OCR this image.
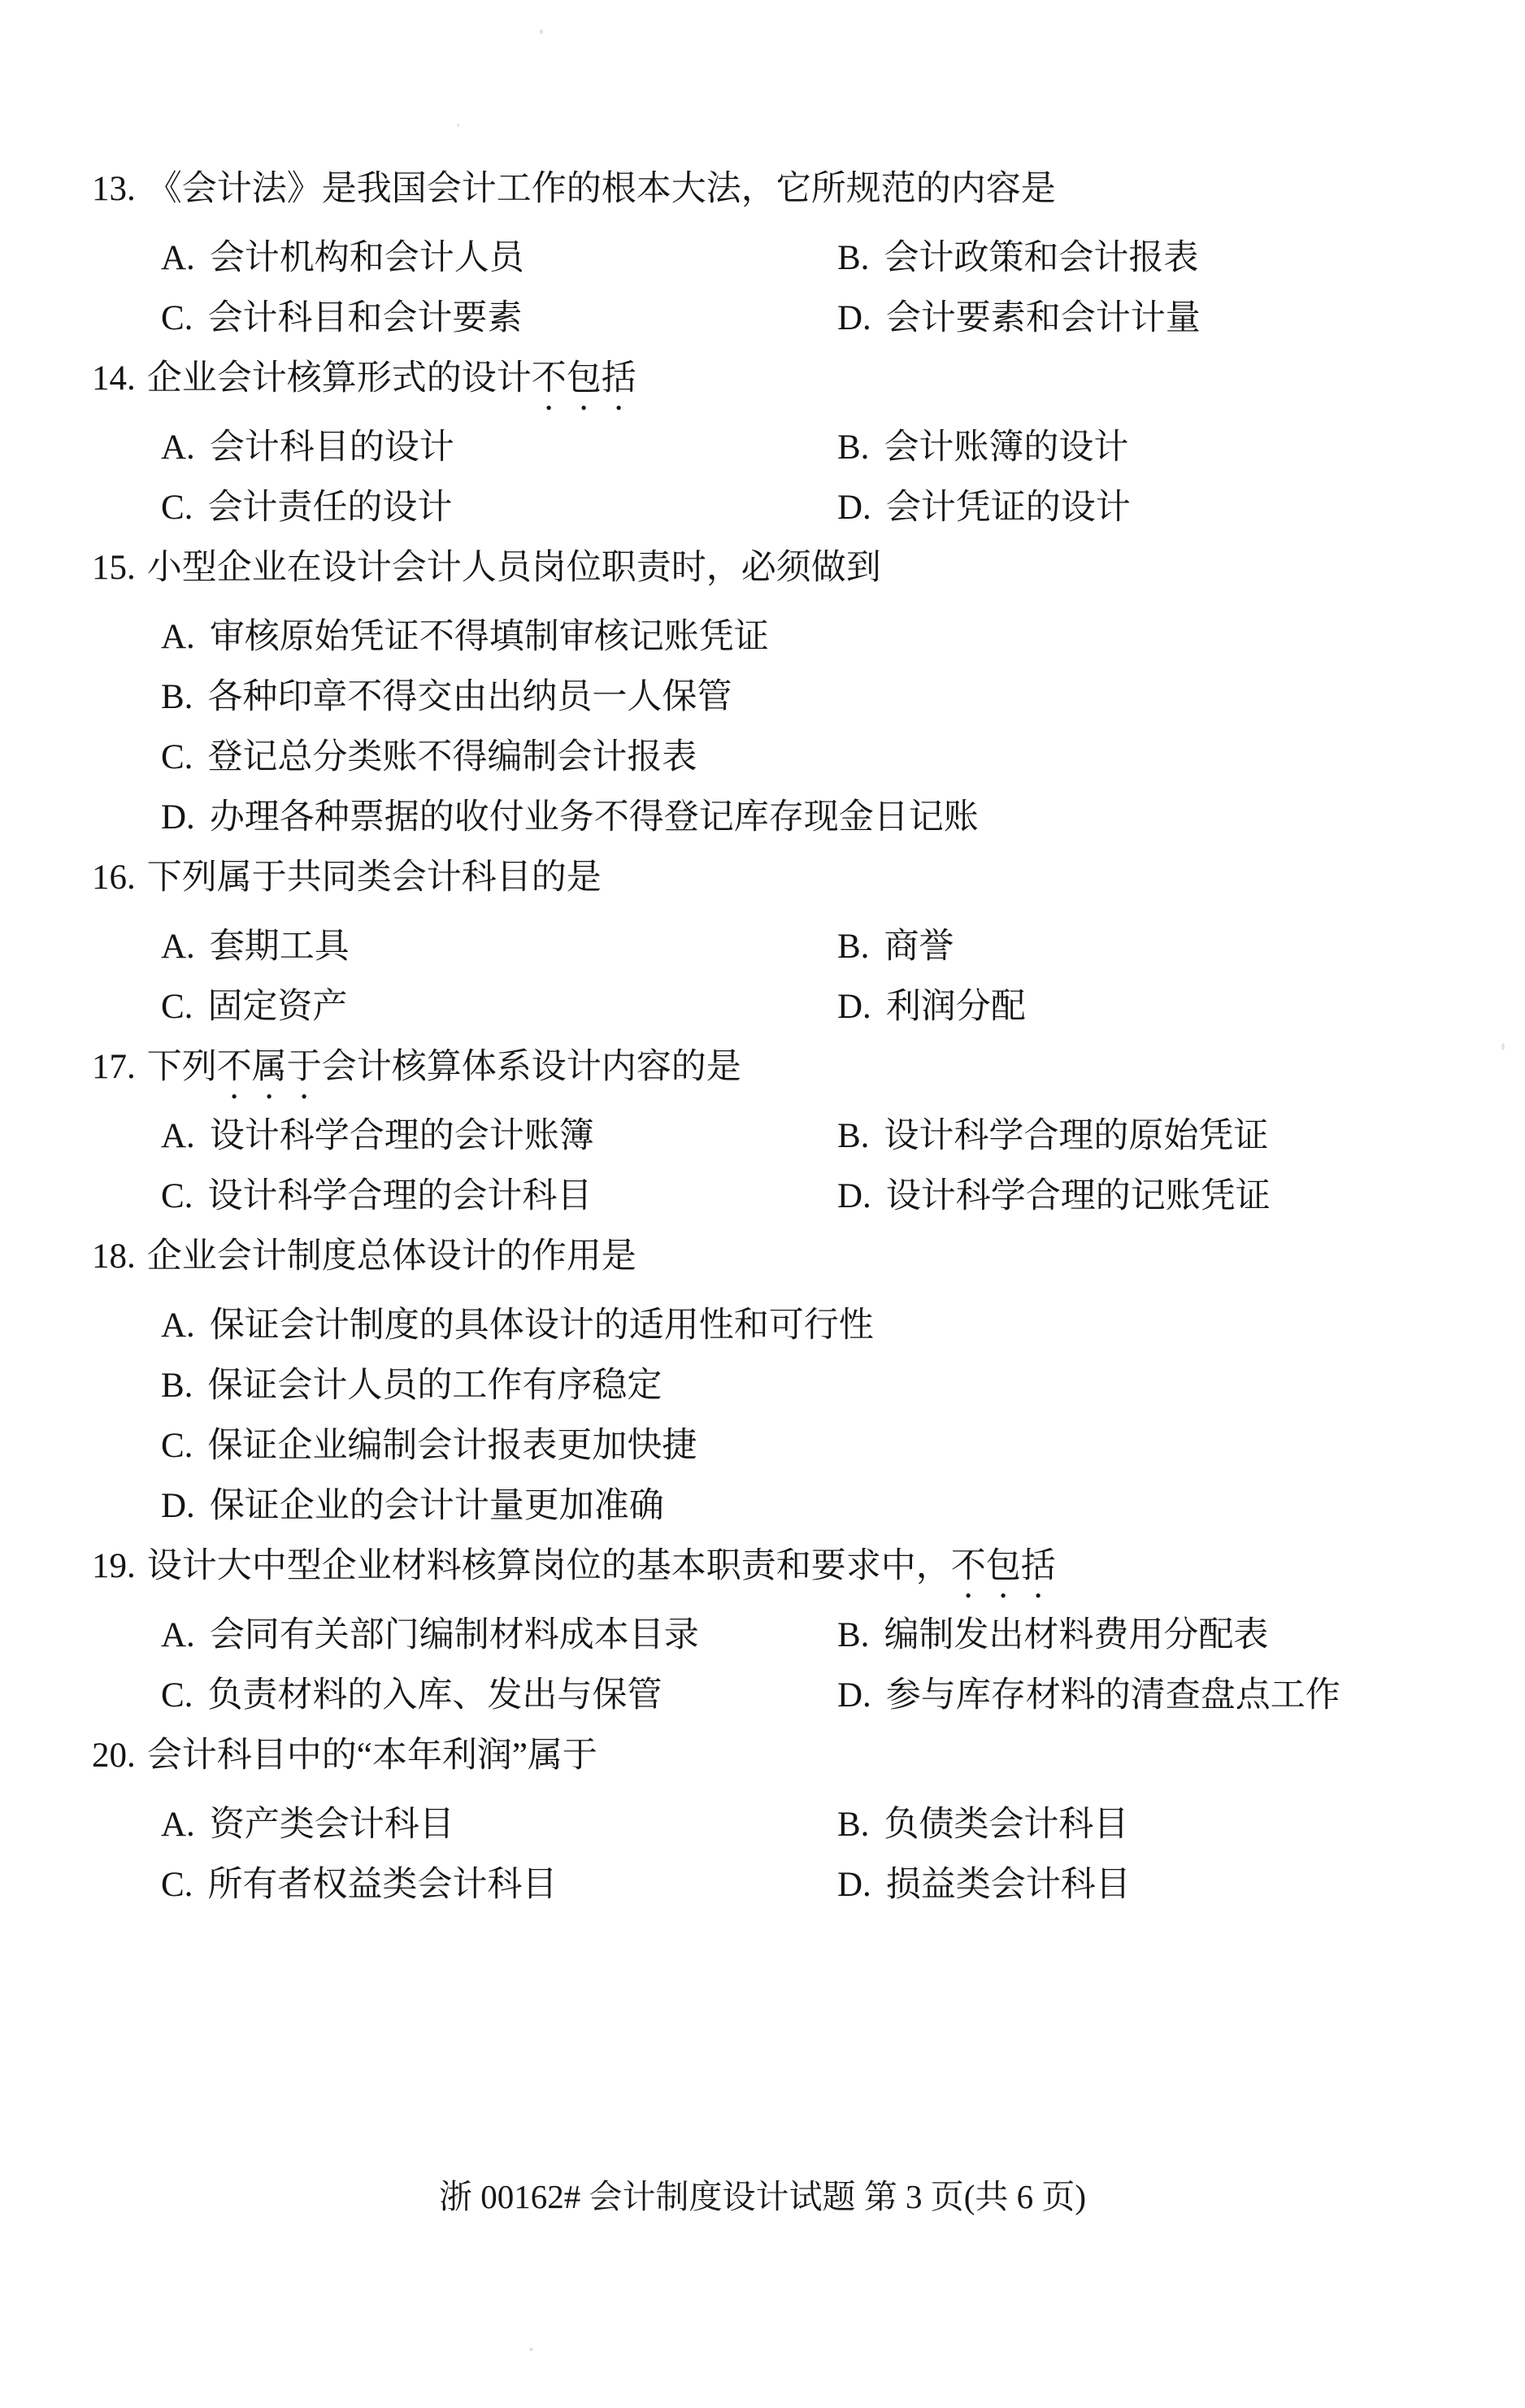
13. 《会计法》是我国会计工作的根本大法，它所规范的内容是
A. 会计机构和会计人员	B. 会计政策和会计报表
C. 会计科目和会计要素	D. 会计要素和会计计量
14. 企业会计核算形式的设计不包括
A. 会计科目的设计	B. 会计账簿的设计
C. 会计责任的设计	D. 会计凭证的设计
15. 小型企业在设计会计人员岗位职责时，必须做到
A. 审核原始凭证不得填制审核记账凭证
B. 各种印章不得交由出纳员一人保管
C. 登记总分类账不得编制会计报表
D. 办理各种票据的收付业务不得登记库存现金日记账
16. 下列属于共同类会计科目的是
A. 套期工具	B. 商誉
C. 固定资产	D. 利润分配
17. 下列不属于会计核算体系设计内容的是
A. 设计科学合理的会计账簿	B. 设计科学合理的原始凭证
C. 设计科学合理的会计科目	D. 设计科学合理的记账凭证
18. 企业会计制度总体设计的作用是
A. 保证会计制度的具体设计的适用性和可行性
B. 保证会计人员的工作有序稳定
C. 保证企业编制会计报表更加快捷
D. 保证企业的会计计量更加准确
19. 设计大中型企业材料核算岗位的基本职责和要求中，不包括
A. 会同有关部门编制材料成本目录	B. 编制发出材料费用分配表
C. 负责材料的入库、发出与保管	D. 参与库存材料的清查盘点工作
20. 会计科目中的“本年利润”属于
A. 资产类会计科目	B. 负债类会计科目
C. 所有者权益类会计科目	D. 损益类会计科目
浙 00162# 会计制度设计试题 第 3 页(共 6 页)
